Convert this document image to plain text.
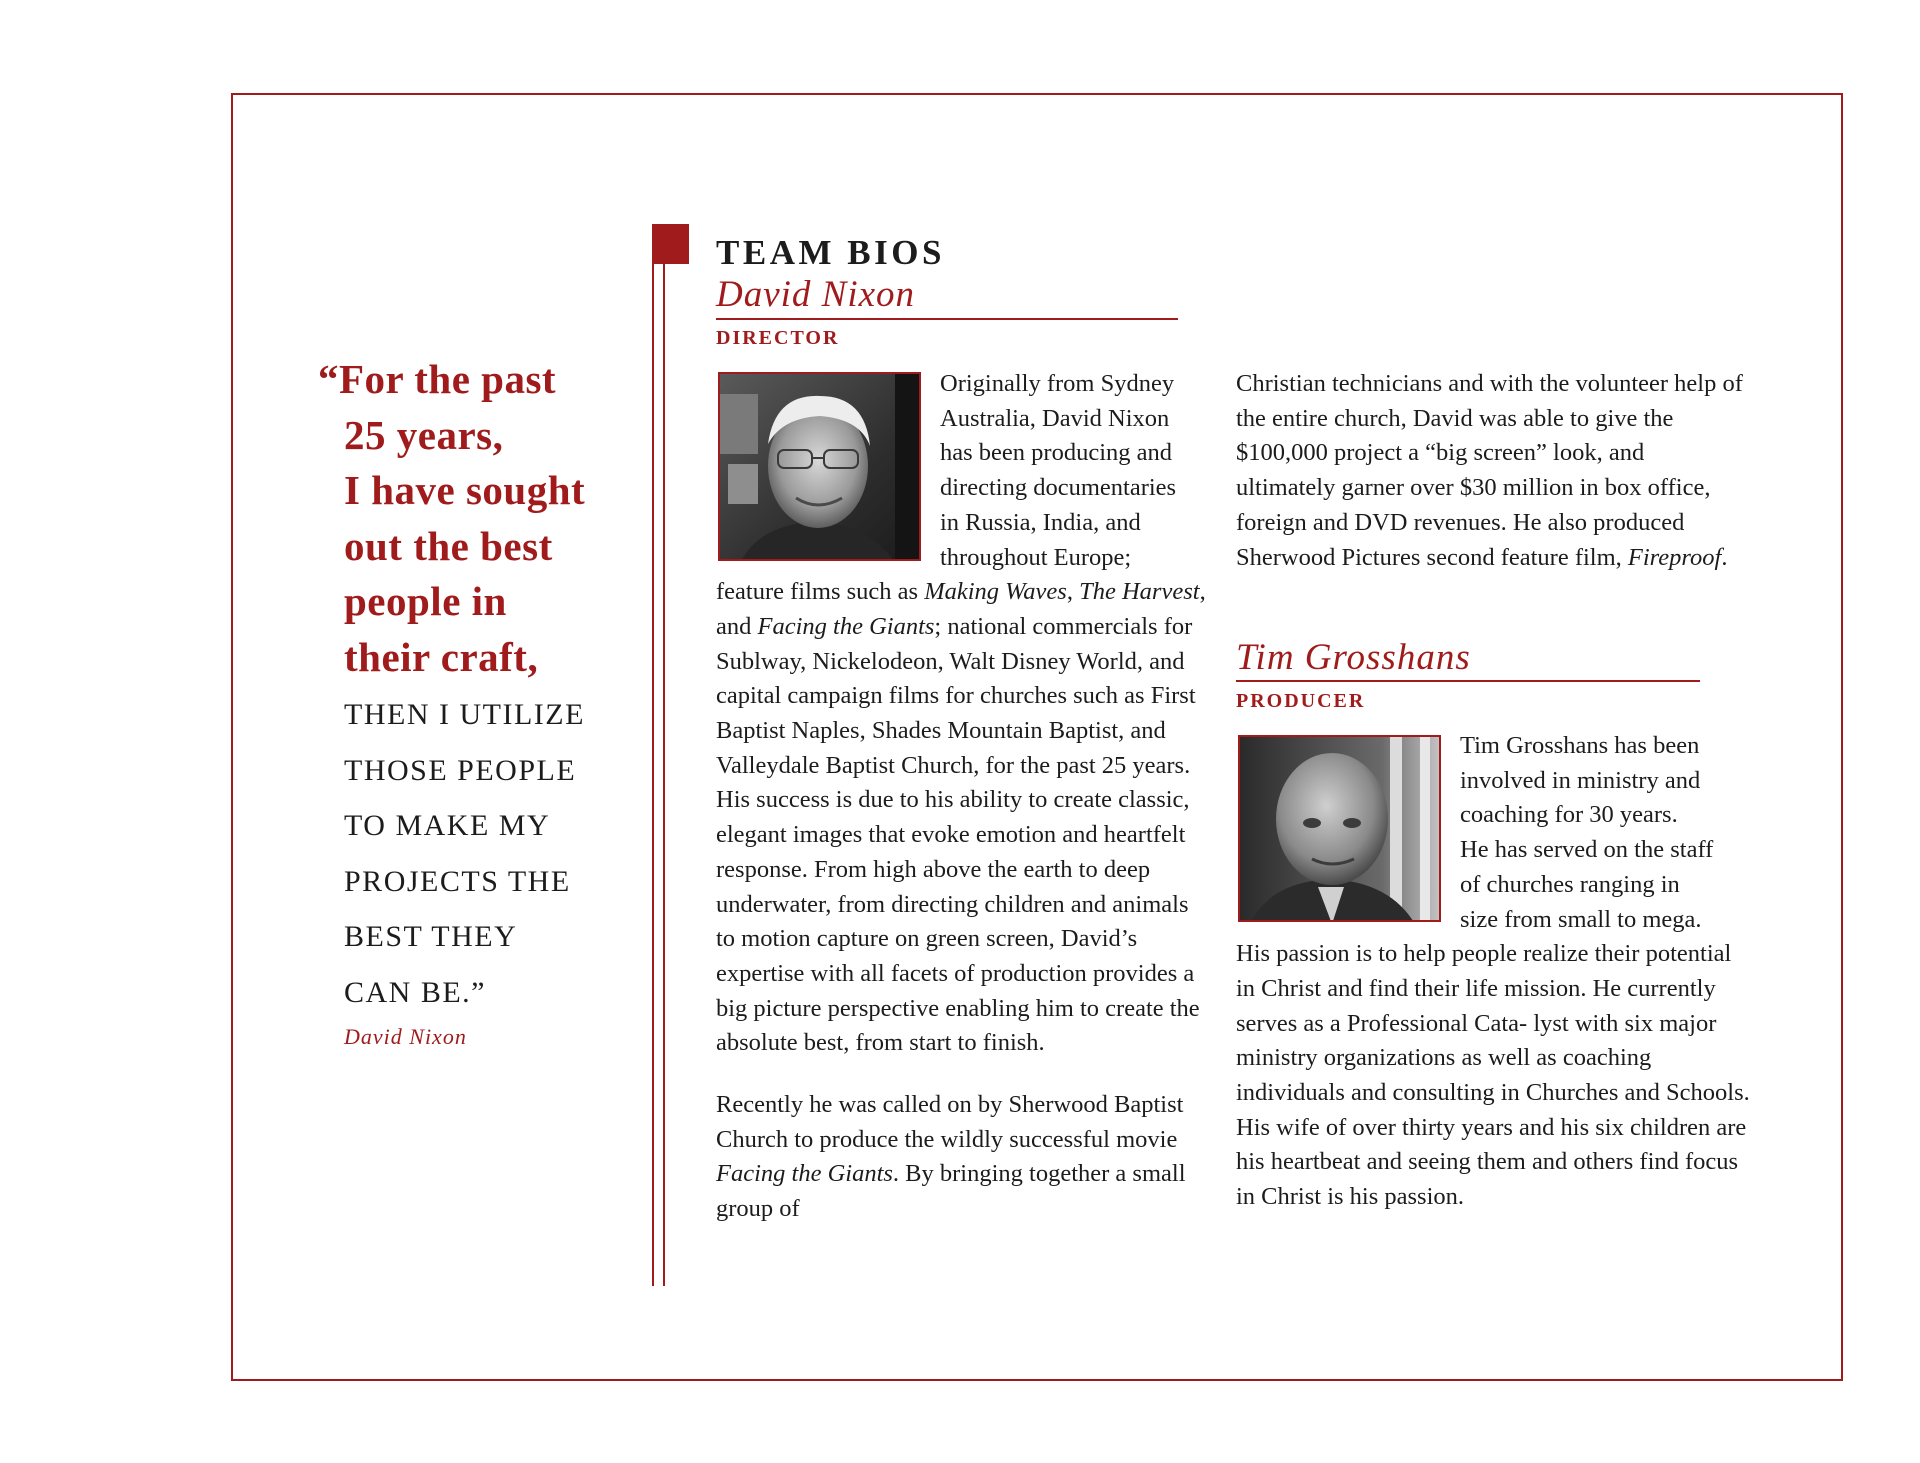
“For the past
25 years,
I have sought
out the best
people in
their craft,
THEN I UTILIZE
THOSE PEOPLE
TO MAKE MY
PROJECTS THE
BEST THEY
CAN BE.”
David Nixon
TEAM BIOS
David Nixon
DIRECTOR

Originally from Sydney

Australia, David Nixon

has been producing and

directing documentaries

in Russia, India, and

throughout Europe;

feature films such as Making Waves, The Harvest, and Facing the Giants; national commercials for Sublway, Nickelodeon, Walt Disney World, and capital campaign films for churches such as First Baptist Naples, Shades Mountain Baptist, and Valleydale Baptist Church, for the past 25 years. His success is due to his ability to create classic, elegant images that evoke emotion and heartfelt response. From high above the earth to deep underwater, from directing children and animals to motion capture on green screen, David’s expertise with all facets of production provides a big picture perspective enabling him to create the absolute best, from start to finish.

Recently he was called on by Sherwood Baptist Church to produce the wildly successful movie Facing the Giants. By bringing together a small group of

Christian technicians and with the volunteer help of the entire church, David was able to give the $100,000 project a “big screen” look, and ultimately garner over $30 million in box office, foreign and DVD revenues. He also produced Sherwood Pictures second feature film, Fireproof.

Tim Grosshans
PRODUCER

Tim Grosshans has been

involved in ministry and

coaching for 30 years.

He has served on the staff

of churches ranging in

size from small to mega.

His passion is to help people realize their potential in Christ and find their life mission. He currently serves as a Professional Cata- lyst with six major ministry organizations as well as coaching individuals and consulting in Churches and Schools. His wife of over thirty years and his six children are his heartbeat and seeing them and others find focus in Christ is his passion.
